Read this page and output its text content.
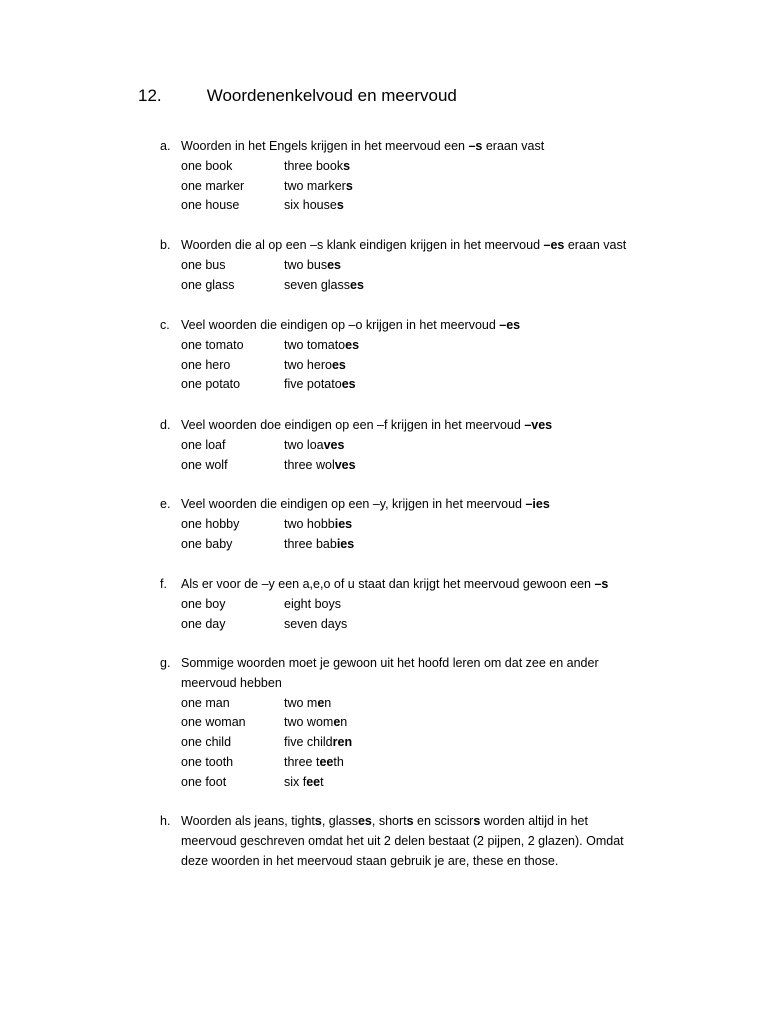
12.	Woordenenkelvoud en meervoud
a. Woorden in het Engels krijgen in het meervoud een –s eraan vast
one book	three books
one marker	two markers
one house	six houses
b. Woorden die al op een –s klank eindigen krijgen in het meervoud –es eraan vast
one bus	two buses
one glass	seven glasses
c. Veel woorden die eindigen op –o krijgen in het meervoud –es
one tomato	two tomatoes
one hero	two heroes
one potato	five potatoes
d. Veel woorden doe eindigen op een –f krijgen in het meervoud –ves
one loaf	two loaves
one wolf	three wolves
e. Veel woorden die eindigen op een –y, krijgen in het meervoud –ies
one hobby	two hobbies
one baby	three babies
f.	Als er voor de –y een a,e,o of u staat dan krijgt het meervoud gewoon een –s
one boy	eight boys
one day	seven days
g. Sommige woorden moet je gewoon uit het hoofd leren om dat zee en ander
meervoud hebben
one man	two men
one woman	two women
one child	five children
one tooth	three teeth
one foot	six feet
h. Woorden als jeans, tights, glasses, shorts en scissors worden altijd in het
meervoud geschreven omdat het uit 2 delen bestaat (2 pijpen, 2 glazen). Omdat
deze woorden in het meervoud staan gebruik je are, these en those.
